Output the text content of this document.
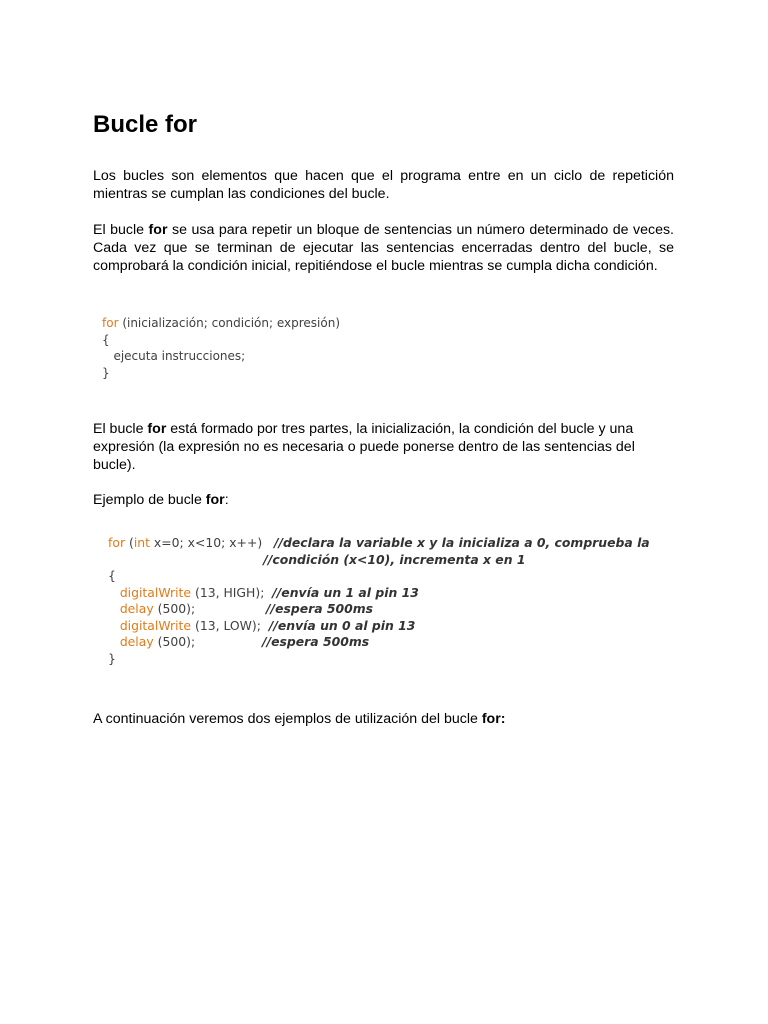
Bucle for

Los bucles son elementos que hacen que el programa entre en un ciclo de repetición mientras se cumplan las condiciones del bucle.

El bucle for se usa para repetir un bloque de sentencias un número determinado de veces. Cada vez que se terminan de ejecutar las sentencias encerradas dentro del bucle, se comprobará la condición inicial, repitiéndose el bucle mientras se cumpla dicha condición.

for (inicialización; condición; expresión)
{
ejecuta instrucciones;
}

El bucle for está formado por tres partes, la inicialización, la condición del bucle y una expresión (la expresión no es necesaria o puede ponerse dentro de las sentencias del bucle).

Ejemplo de bucle for:

for (int x=0; x<10; x++)   //declara la variable x y la inicializa a 0, comprueba la
//condición (x<10), incrementa x en 1
{
digitalWrite (13, HIGH);  //envía un 1 al pin 13
delay (500);                  //espera 500ms
digitalWrite (13, LOW);  //envía un 0 al pin 13
delay (500);                 //espera 500ms
}

A continuación veremos dos ejemplos de utilización del bucle for:
